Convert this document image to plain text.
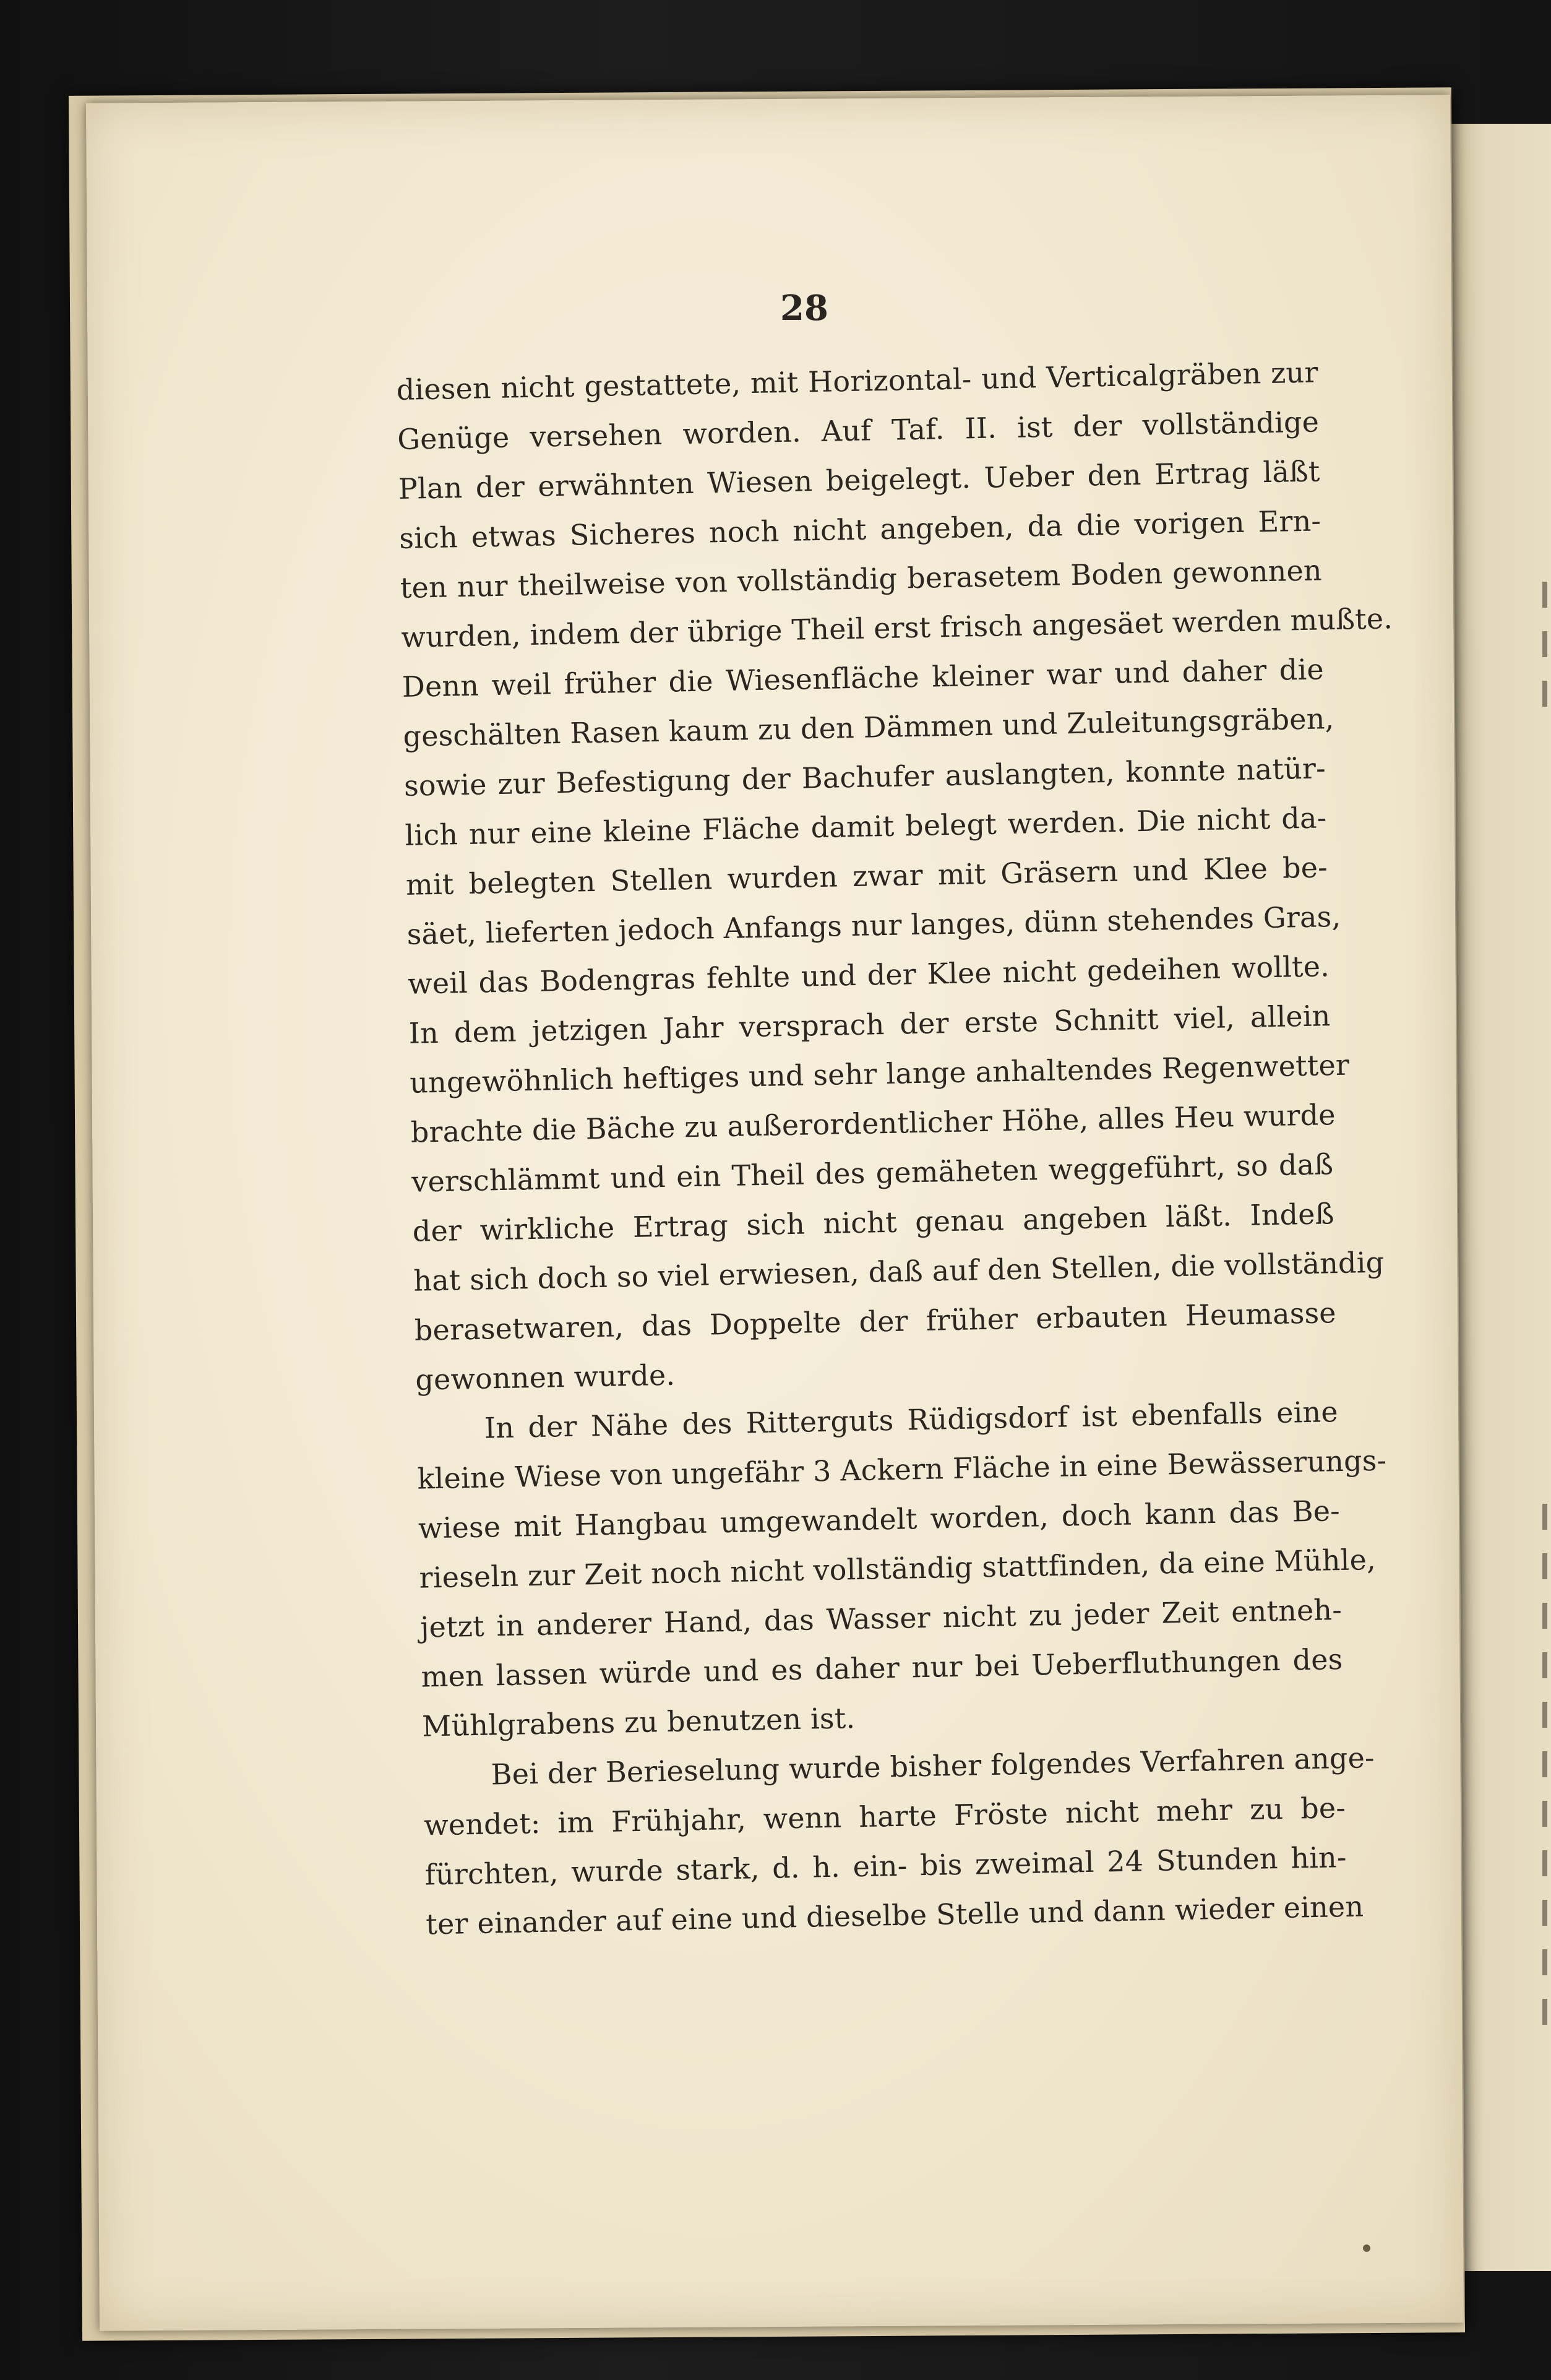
28
diesen nicht gestattete, mit Horizontal- und Verticalgräben zur
Genüge versehen worden. Auf Taf. II. ist der vollständige
Plan der erwähnten Wiesen beigelegt. Ueber den Ertrag läßt
sich etwas Sicheres noch nicht angeben, da die vorigen Ern-
ten nur theilweise von vollständig berasetem Boden gewonnen
wurden, indem der übrige Theil erst frisch angesäet werden mußte.
Denn weil früher die Wiesenfläche kleiner war und daher die
geschälten Rasen kaum zu den Dämmen und Zuleitungsgräben,
sowie zur Befestigung der Bachufer auslangten, konnte natür-
lich nur eine kleine Fläche damit belegt werden. Die nicht da-
mit belegten Stellen wurden zwar mit Gräsern und Klee be-
säet, lieferten jedoch Anfangs nur langes, dünn stehendes Gras,
weil das Bodengras fehlte und der Klee nicht gedeihen wollte.
In dem jetzigen Jahr versprach der erste Schnitt viel, allein
ungewöhnlich heftiges und sehr lange anhaltendes Regenwetter
brachte die Bäche zu außerordentlicher Höhe, alles Heu wurde
verschlämmt und ein Theil des gemäheten weggeführt, so daß
der wirkliche Ertrag sich nicht genau angeben läßt. Indeß
hat sich doch so viel erwiesen, daß auf den Stellen, die vollständig
berasetwaren, das Doppelte der früher erbauten Heumasse
gewonnen wurde.
In der Nähe des Ritterguts Rüdigsdorf ist ebenfalls eine
kleine Wiese von ungefähr 3 Ackern Fläche in eine Bewässerungs-
wiese mit Hangbau umgewandelt worden, doch kann das Be-
rieseln zur Zeit noch nicht vollständig stattfinden, da eine Mühle,
jetzt in anderer Hand, das Wasser nicht zu jeder Zeit entneh-
men lassen würde und es daher nur bei Ueberfluthungen des
Mühlgrabens zu benutzen ist.
Bei der Berieselung wurde bisher folgendes Verfahren ange-
wendet: im Frühjahr, wenn harte Fröste nicht mehr zu be-
fürchten, wurde stark, d. h. ein- bis zweimal 24 Stunden hin-
ter einander auf eine und dieselbe Stelle und dann wieder einen
